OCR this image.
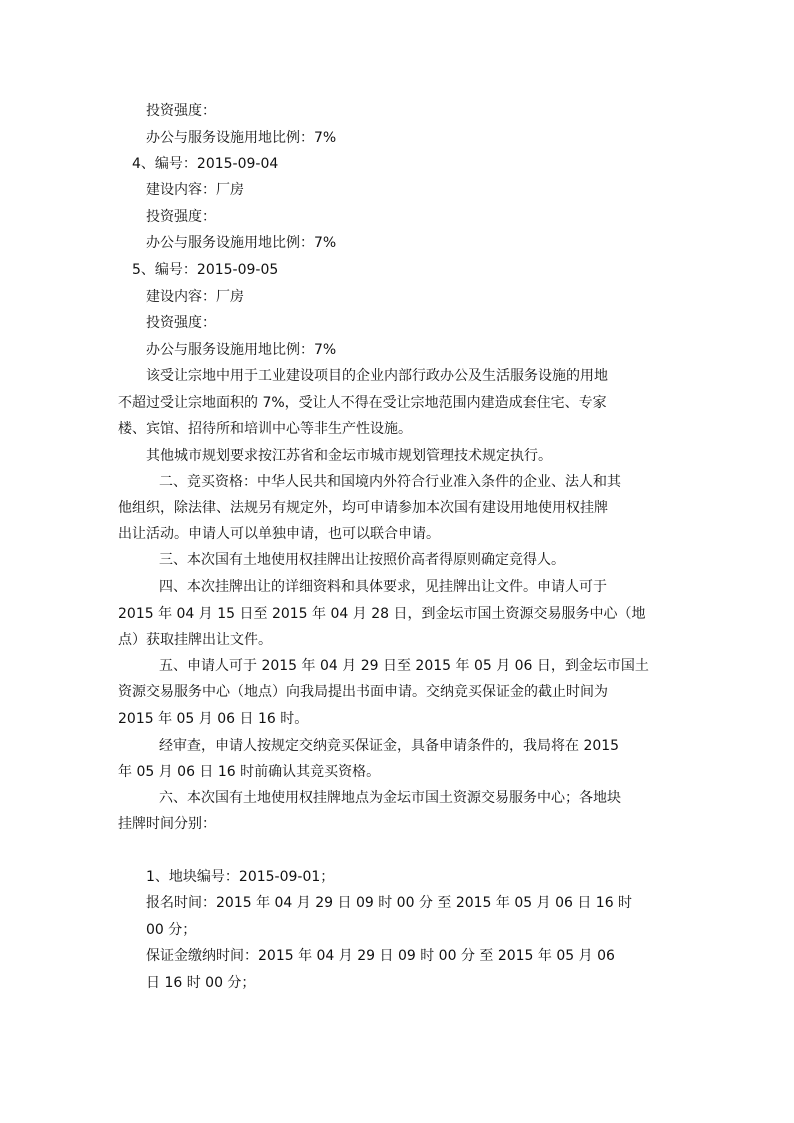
投资强度：
办公与服务设施用地比例：7%
4、编号：2015-09-04
建设内容：厂房
投资强度：
办公与服务设施用地比例：7%
5、编号：2015-09-05
建设内容：厂房
投资强度：
办公与服务设施用地比例：7%
该受让宗地中用于工业建设项目的企业内部行政办公及生活服务设施的用地
不超过受让宗地面积的 7%，受让人不得在受让宗地范围内建造成套住宅、专家
楼、宾馆、招待所和培训中心等非生产性设施。
其他城市规划要求按江苏省和金坛市城市规划管理技术规定执行。
二、竞买资格：中华人民共和国境内外符合行业准入条件的企业、法人和其
他组织，除法律、法规另有规定外，均可申请参加本次国有建设用地使用权挂牌
出让活动。申请人可以单独申请，也可以联合申请。
三、本次国有土地使用权挂牌出让按照价高者得原则确定竞得人。
四、本次挂牌出让的详细资料和具体要求，见挂牌出让文件。申请人可于
2015 年 04 月 15 日至 2015 年 04 月 28 日，到金坛市国土资源交易服务中心（地
点）获取挂牌出让文件。
五、申请人可于 2015 年 04 月 29 日至 2015 年 05 月 06 日，到金坛市国土
资源交易服务中心（地点）向我局提出书面申请。交纳竞买保证金的截止时间为
2015 年 05 月 06 日 16 时。
经审查，申请人按规定交纳竞买保证金，具备申请条件的，我局将在 2015
年 05 月 06 日 16 时前确认其竞买资格。
六、本次国有土地使用权挂牌地点为金坛市国土资源交易服务中心；各地块
挂牌时间分别：
1、地块编号：2015-09-01；
报名时间：2015 年 04 月 29 日 09 时 00 分 至 2015 年 05 月 06 日 16 时
00 分；
保证金缴纳时间：2015 年 04 月 29 日 09 时 00 分 至 2015 年 05 月 06
日 16 时 00 分；
